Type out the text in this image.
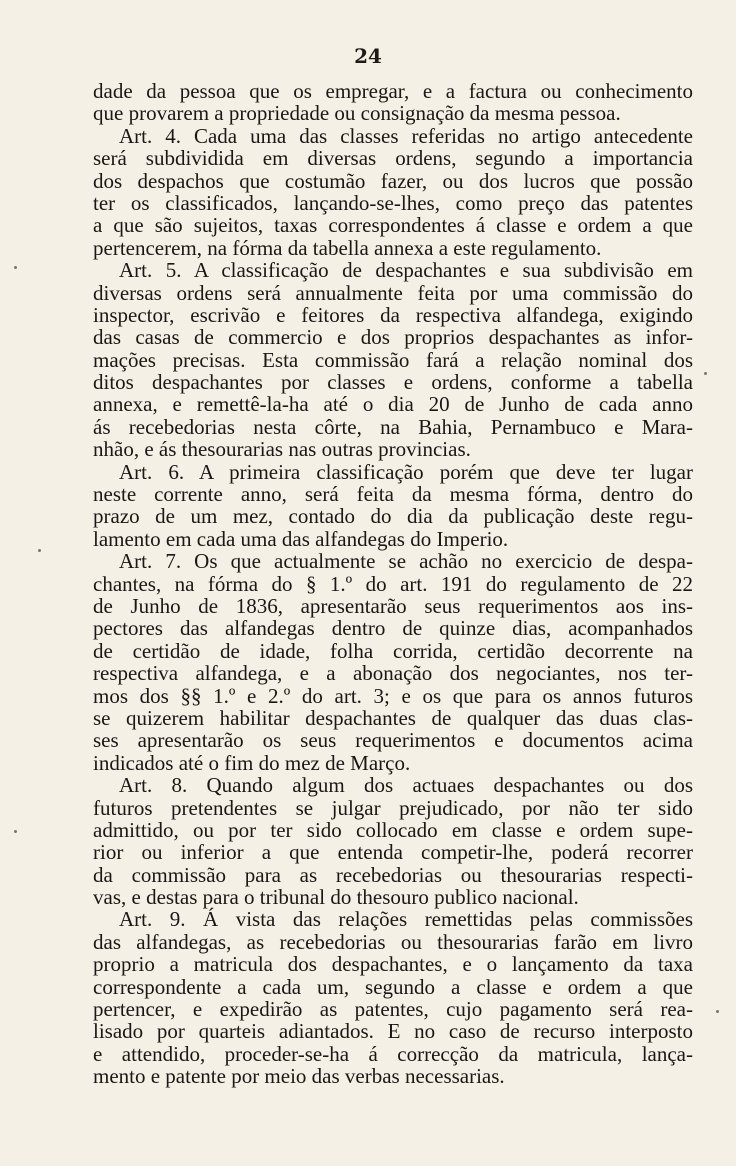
24
dade da pessoa que os empregar, e a factura ou conhecimento
que provarem a propriedade ou consignação da mesma pessoa.
Art. 4. Cada uma das classes referidas no artigo antecedente
será subdividida em diversas ordens, segundo a importancia
dos despachos que costumão fazer, ou dos lucros que possão
ter os classificados, lançando-se-lhes, como preço das patentes
a que são sujeitos, taxas correspondentes á classe e ordem a que
pertencerem, na fórma da tabella annexa a este regulamento.
Art. 5. A classificação de despachantes e sua subdivisão em
diversas ordens será annualmente feita por uma commissão do
inspector, escrivão e feitores da respectiva alfandega, exigindo
das casas de commercio e dos proprios despachantes as infor-
mações precisas. Esta commissão fará a relação nominal dos
ditos despachantes por classes e ordens, conforme a tabella
annexa, e remettê-la-ha até o dia 20 de Junho de cada anno
ás recebedorias nesta côrte, na Bahia, Pernambuco e Mara-
nhão, e ás thesourarias nas outras provincias.
Art. 6. A primeira classificação porém que deve ter lugar
neste corrente anno, será feita da mesma fórma, dentro do
prazo de um mez, contado do dia da publicação deste regu-
lamento em cada uma das alfandegas do Imperio.
Art. 7. Os que actualmente se achão no exercicio de despa-
chantes, na fórma do § 1.º do art. 191 do regulamento de 22
de Junho de 1836, apresentarão seus requerimentos aos ins-
pectores das alfandegas dentro de quinze dias, acompanhados
de certidão de idade, folha corrida, certidão decorrente na
respectiva alfandega, e a abonação dos negociantes, nos ter-
mos dos §§ 1.º e 2.º do art. 3; e os que para os annos futuros
se quizerem habilitar despachantes de qualquer das duas clas-
ses apresentarão os seus requerimentos e documentos acima
indicados até o fim do mez de Março.
Art. 8. Quando algum dos actuaes despachantes ou dos
futuros pretendentes se julgar prejudicado, por não ter sido
admittido, ou por ter sido collocado em classe e ordem supe-
rior ou inferior a que entenda competir-lhe, poderá recorrer
da commissão para as recebedorias ou thesourarias respecti-
vas, e destas para o tribunal do thesouro publico nacional.
Art. 9. Á vista das relações remettidas pelas commissões
das alfandegas, as recebedorias ou thesourarias farão em livro
proprio a matricula dos despachantes, e o lançamento da taxa
correspondente a cada um, segundo a classe e ordem a que
pertencer, e expedirão as patentes, cujo pagamento será rea-
lisado por quarteis adiantados. E no caso de recurso interposto
e attendido, proceder-se-ha á correcção da matricula, lança-
mento e patente por meio das verbas necessarias.
